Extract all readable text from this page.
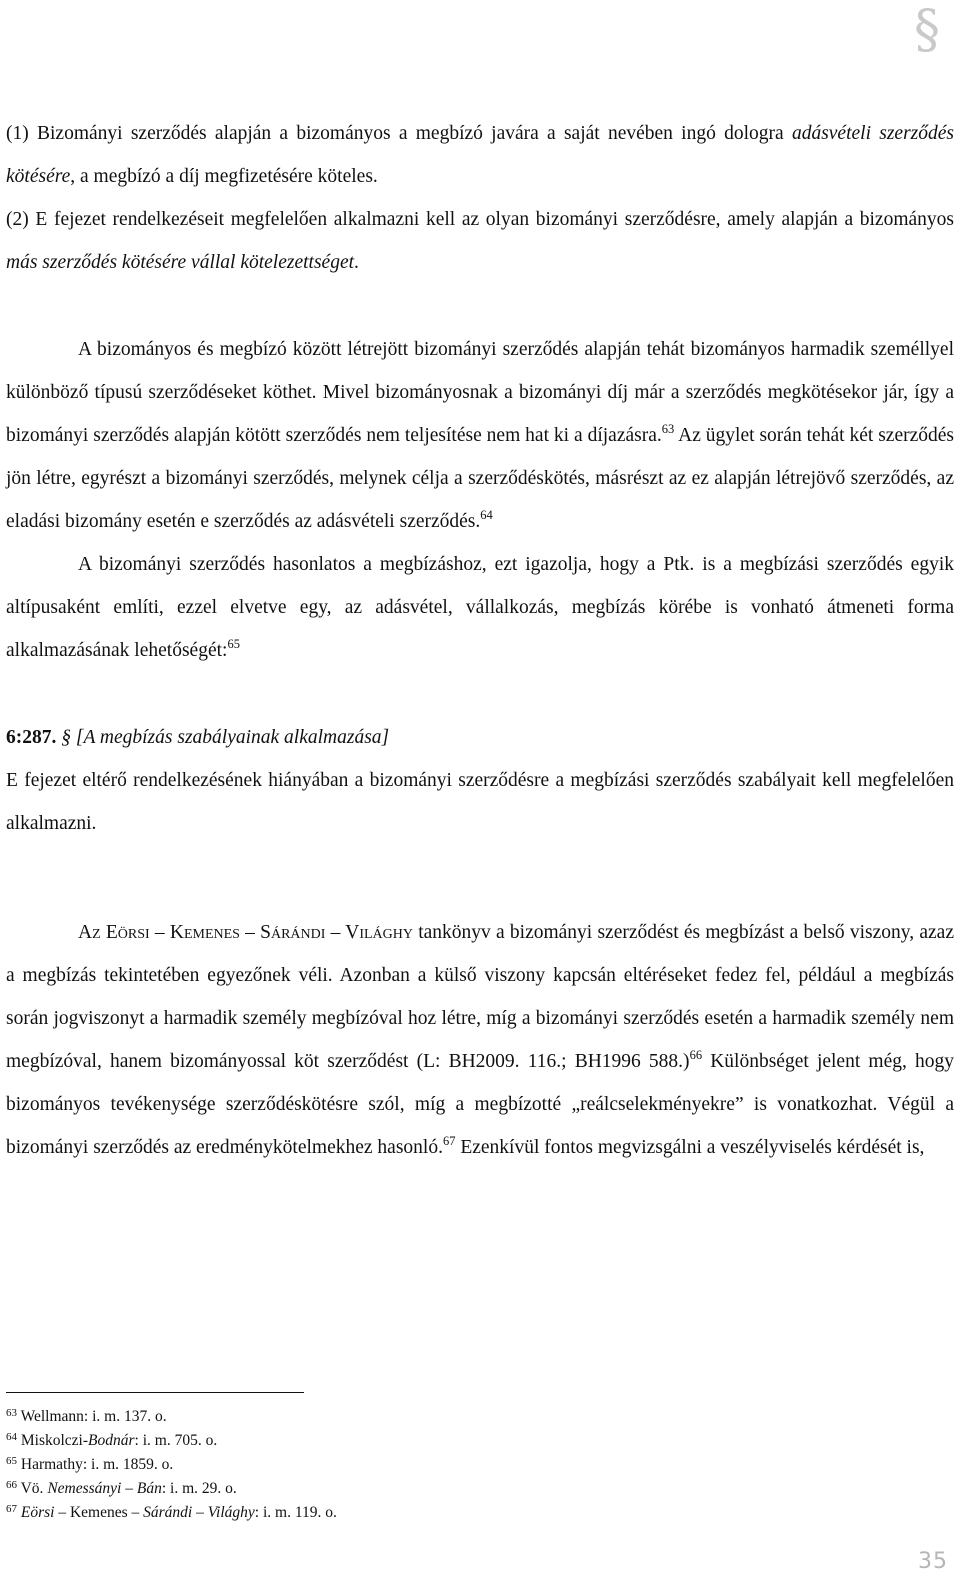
§

(1) Bizományi szerződés alapján a bizományos a megbízó javára a saját nevében ingó dologra adásvételi szerződés kötésére, a megbízó a díj megfizetésére köteles.
(2) E fejezet rendelkezéseit megfelelően alkalmazni kell az olyan bizományi szerződésre, amely alapján a bizományos más szerződés kötésére vállal kötelezettséget.

A bizományos és megbízó között létrejött bizományi szerződés alapján tehát bizományos harmadik személlyel különböző típusú szerződéseket köthet. Mivel bizományosnak a bizományi díj már a szerződés megkötésekor jár, így a bizományi szerződés alapján kötött szerződés nem teljesítése nem hat ki a díjazásra.$^{63}$ Az ügylet során tehát két szerződés jön létre, egyrészt a bizományi szerződés, melynek célja a szerződéskötés, másrészt az ez alapján létrejövő szerződés, az eladási bizomány esetén e szerződés az adásvételi szerződés.$^{64}$

A bizományi szerződés hasonlatos a megbízáshoz, ezt igazolja, hogy a Ptk. is a megbízási szerződés egyik altípusaként említi, ezzel elvetve egy, az adásvétel, vállalkozás, megbízás körébe is vonható átmeneti forma alkalmazásának lehetőségét:$^{65}$

6:287. § [A megbízás szabályainak alkalmazása]

E fejezet eltérő rendelkezésének hiányában a bizományi szerződésre a megbízási szerződés szabályait kell megfelelően alkalmazni.

Az Eörsi – Kemenes – Sárándi – Világhy tankönyv a bizományi szerződést és megbízást a belső viszony, azaz a megbízás tekintetében egyezőnek véli. Azonban a külső viszony kapcsán eltéréseket fedez fel, például a megbízás során jogviszonyt a harmadik személy megbízóval hoz létre, míg a bizományi szerződés esetén a harmadik személy nem megbízóval, hanem bizományossal köt szerződést (L: BH2009. 116.; BH1996 588.)$^{66}$ Különbséget jelent még, hogy bizományos tevékenysége szerződéskötésre szól, míg a megbízotté „reálcselekményekre” is vonatkozhat. Végül a bizományi szerződés az eredménykötelmekhez hasonló.$^{67}$ Ezenkívül fontos megvizsgálni a veszélyviselés kérdését is,

$^{63}$ Wellmann: i. m. 137. o.
$^{64}$ Miskolczi-Bodnár: i. m. 705. o.
$^{65}$ Harmathy: i. m. 1859. o.
$^{66}$ Vö. Nemessányi – Bán: i. m. 29. o.
$^{67}$ Eörsi – Kemenes – Sárándi – Világhy: i. m. 119. o.
35
